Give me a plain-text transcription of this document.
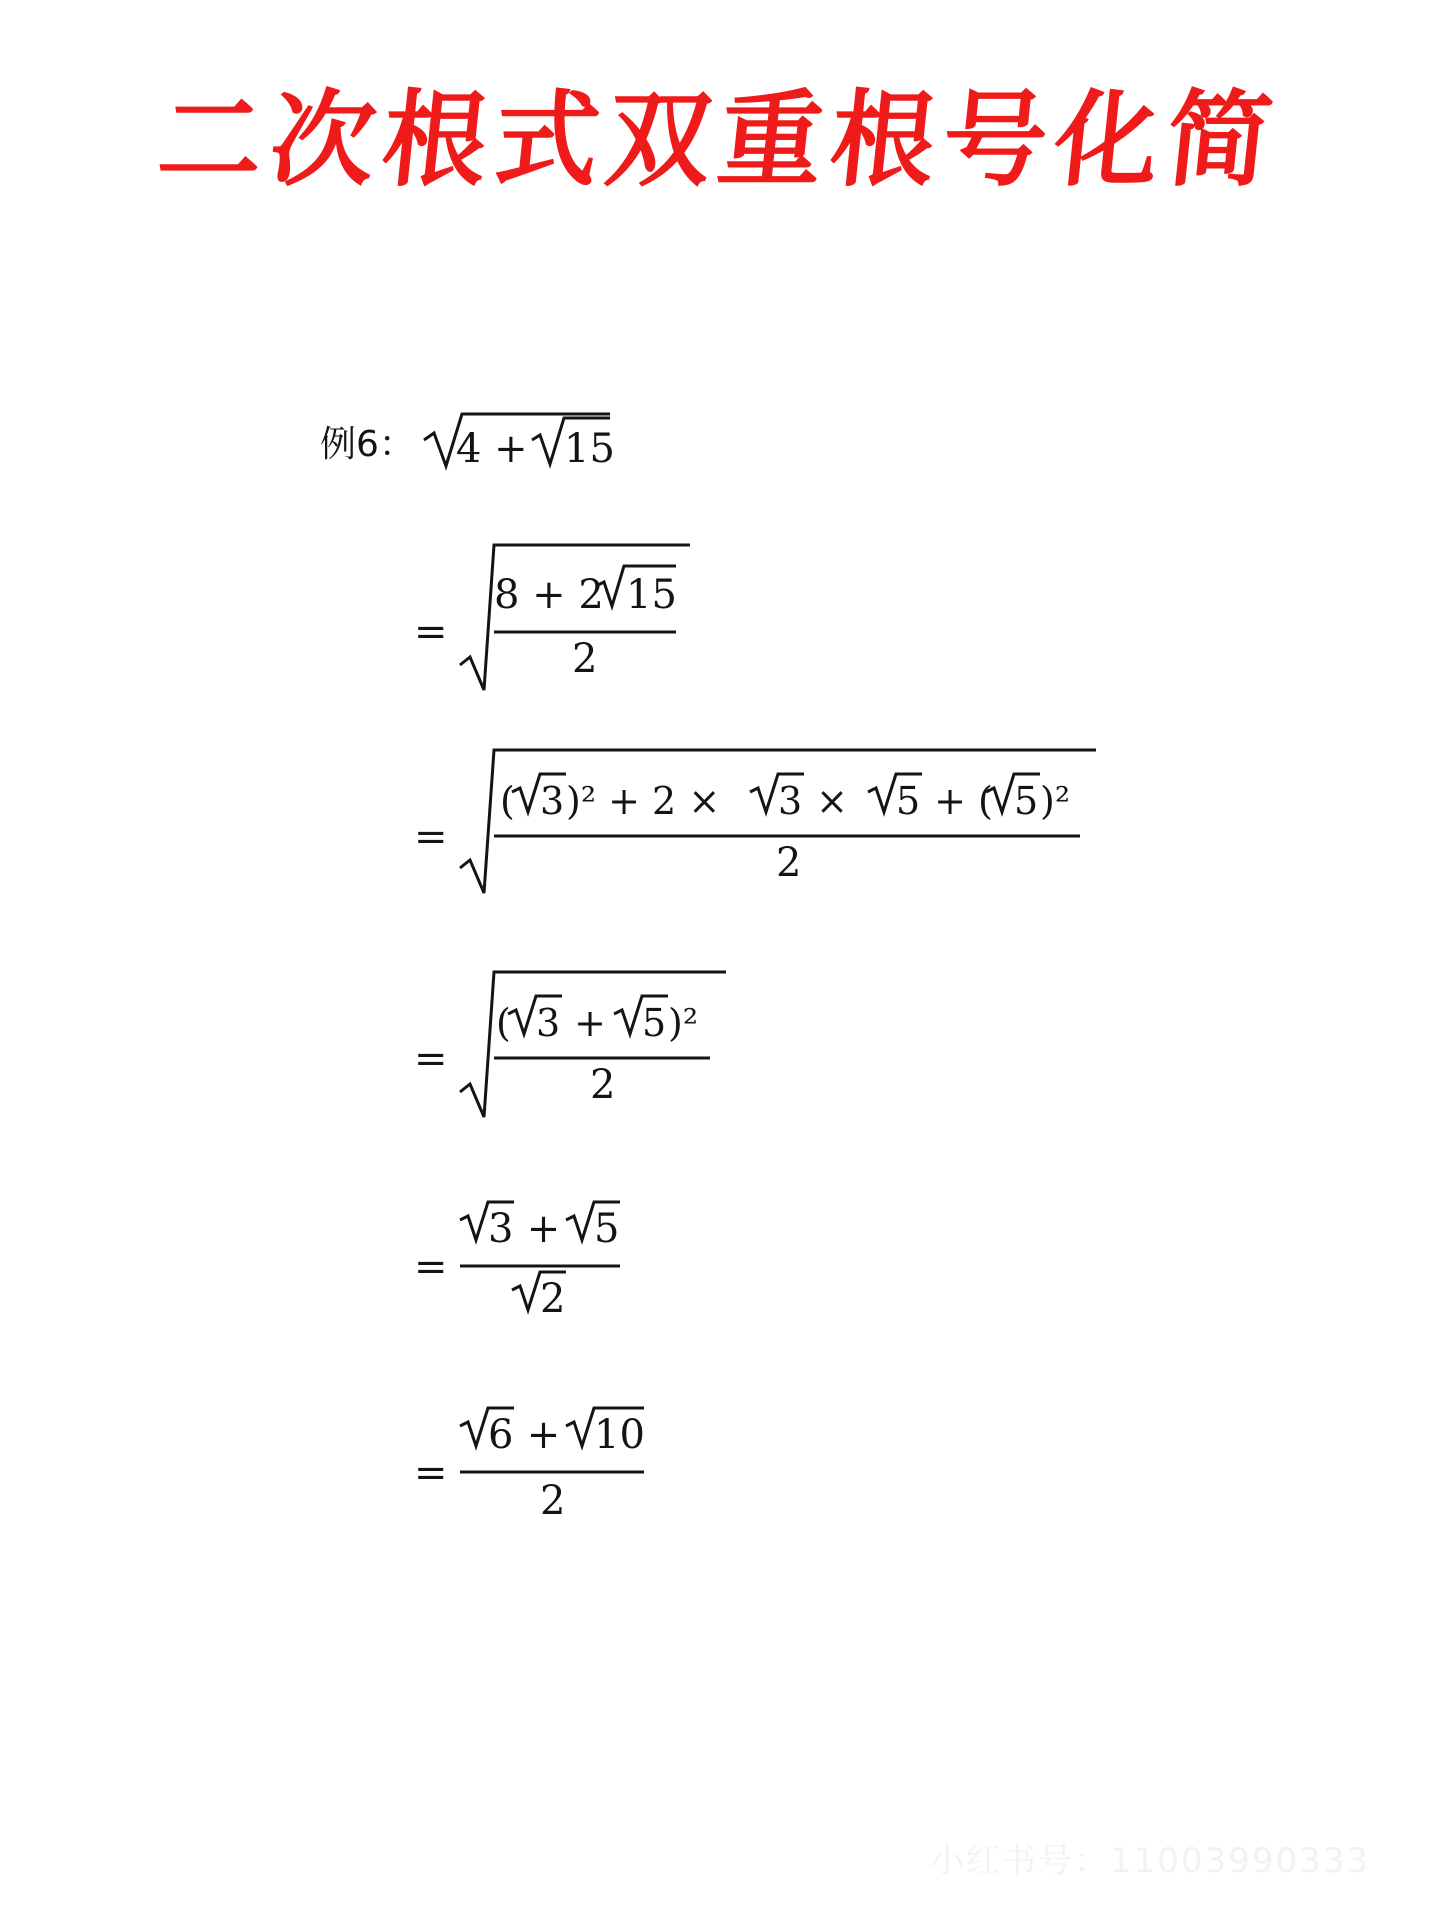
二次根式双重根号化简
例6： 4 + 15
=
8 + 2 15
2
=
( 3 )² + 2 × 3 × 5 + ( 5 )²
2
=
( 3 + 5 )²
2
=
3 + 5
2
=
6 + 10
2
小红书号：11003990333
